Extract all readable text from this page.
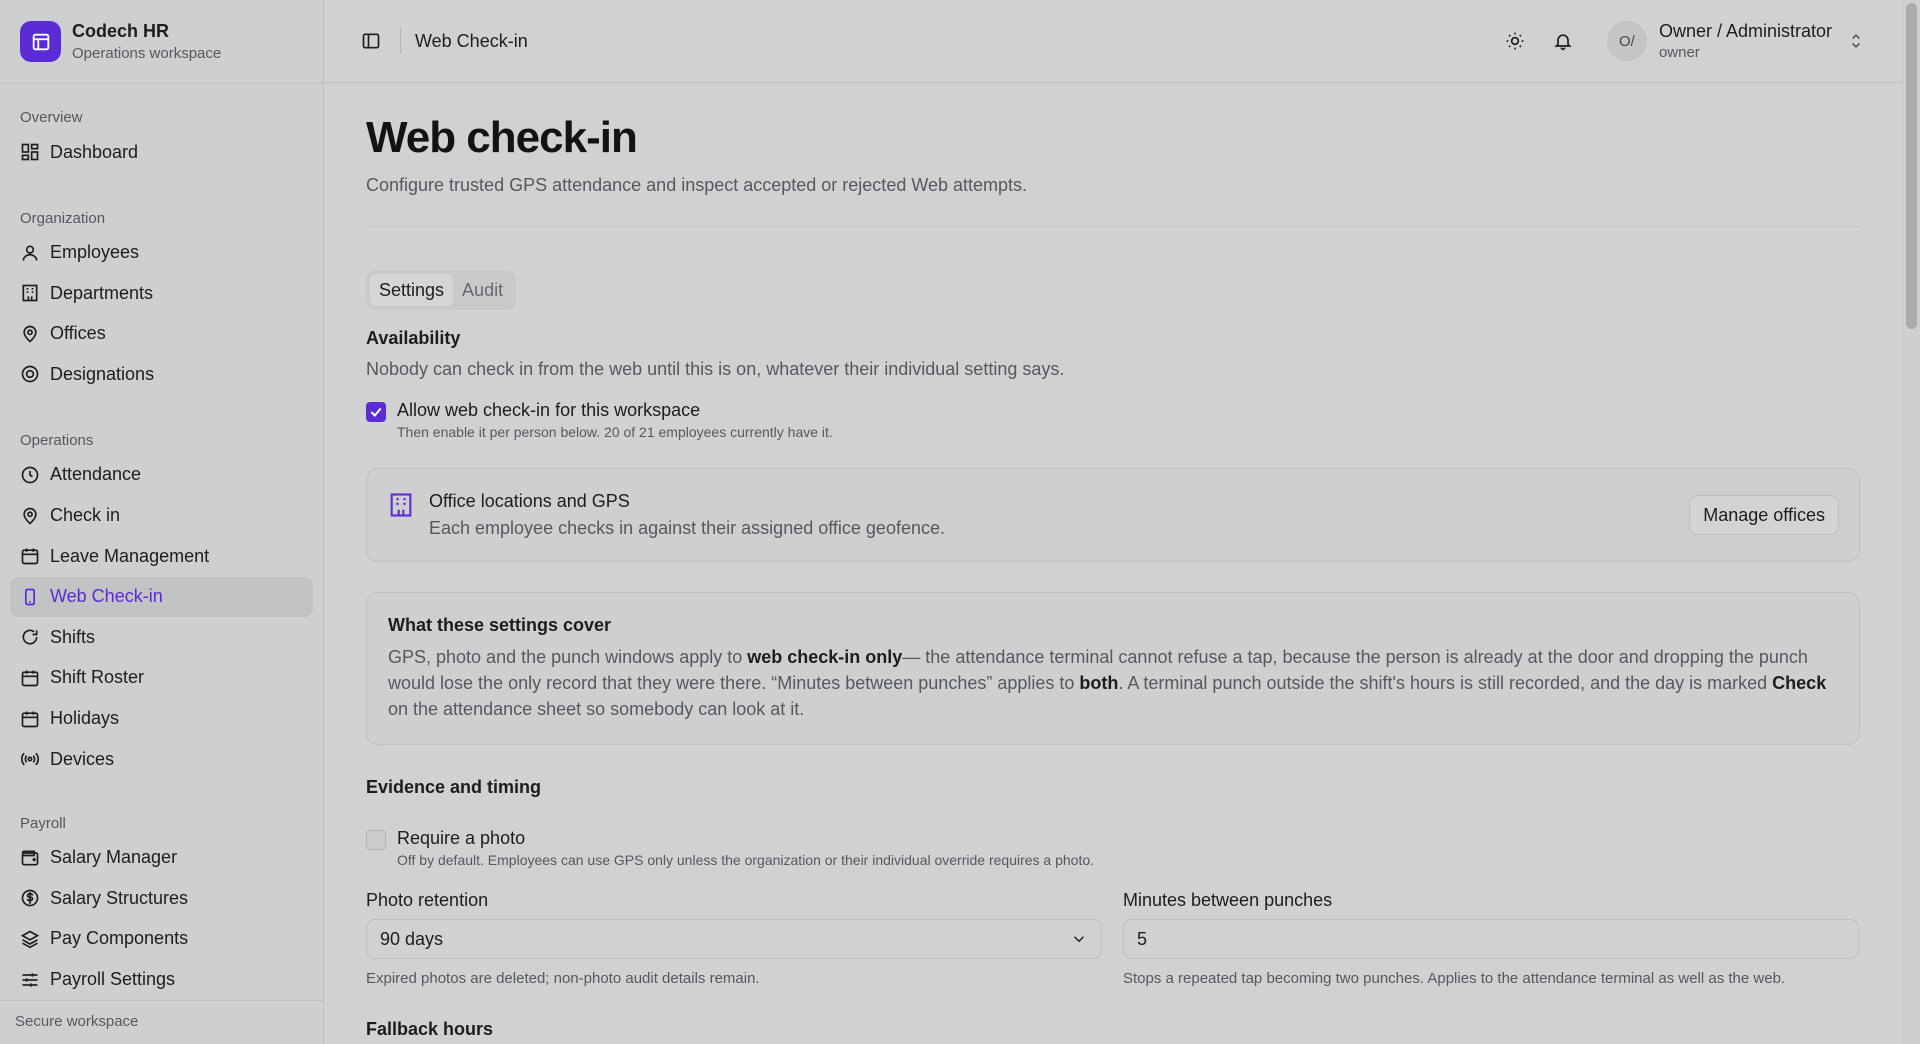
Codech HR
Operations workspace
Overview
Dashboard
Organization
Employees
Departments
Offices
Designations
Operations
Attendance
Check in
Leave Management
Web Check-in
Shifts
Shift Roster
Holidays
Devices
Payroll
Salary Manager
Salary Structures
Pay Components
Payroll Settings
Secure workspace
Web Check-in	O/	Owner / Administrator
owner
Web check-in

Configure trusted GPS attendance and inspect accepted or rejected Web attempts.

Settings	Audit
Availability
Nobody can check in from the web until this is on, whatever their individual setting says.
Allow web check-in for this workspace
Then enable it per person below. 20 of 21 employees currently have it.
Office locations and GPS
Each employee checks in against their assigned office geofence.
Manage offices
What these settings cover

GPS, photo and the punch windows apply to web check-in only— the attendance terminal cannot refuse a tap, because the person is already at the door and dropping the punch would lose the only record that they were there. “Minutes between punches” applies to both. A terminal punch outside the shift's hours is still recorded, and the day is marked Check on the attendance sheet so somebody can look at it.

Evidence and timing
Require a photo
Off by default. Employees can use GPS only unless the organization or their individual override requires a photo.
Photo retention
90 days
Expired photos are deleted; non-photo audit details remain.
Minutes between punches
5
Stops a repeated tap becoming two punches. Applies to the attendance terminal as well as the web.
Fallback hours
